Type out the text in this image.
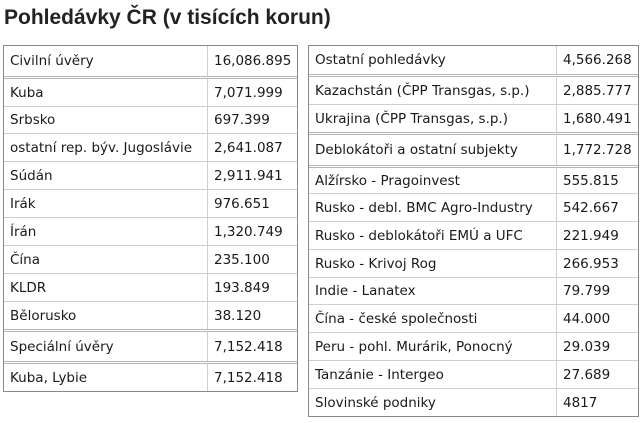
Pohledávky ČR (v tisících korun)
Civilní úvěry	16,086.895
Kuba	7,071.999
Srbsko	697.399
ostatní rep. býv. Jugoslávie	2,641.087
Súdán	2,911.941
Irák	976.651
Írán	1,320.749
Čína	235.100
KLDR	193.849
Bělorusko	38.120
Speciální úvěry	7,152.418
Kuba, Lybie	7,152.418
Ostatní pohledávky	4,566.268
Kazachstán (ČPP Transgas, s.p.)	2,885.777
Ukrajina (ČPP Transgas, s.p.)	1,680.491
Deblokátoři a ostatní subjekty	1,772.728
Alžírsko - Pragoinvest	555.815
Rusko - debl. BMC Agro-Industry	542.667
Rusko - deblokátoři EMÚ a UFC	221.949
Rusko - Krivoj Rog	266.953
Indie - Lanatex	79.799
Čína - české společnosti	44.000
Peru - pohl. Murárik, Ponocný	29.039
Tanzánie - Intergeo	27.689
Slovinské podniky	4817
